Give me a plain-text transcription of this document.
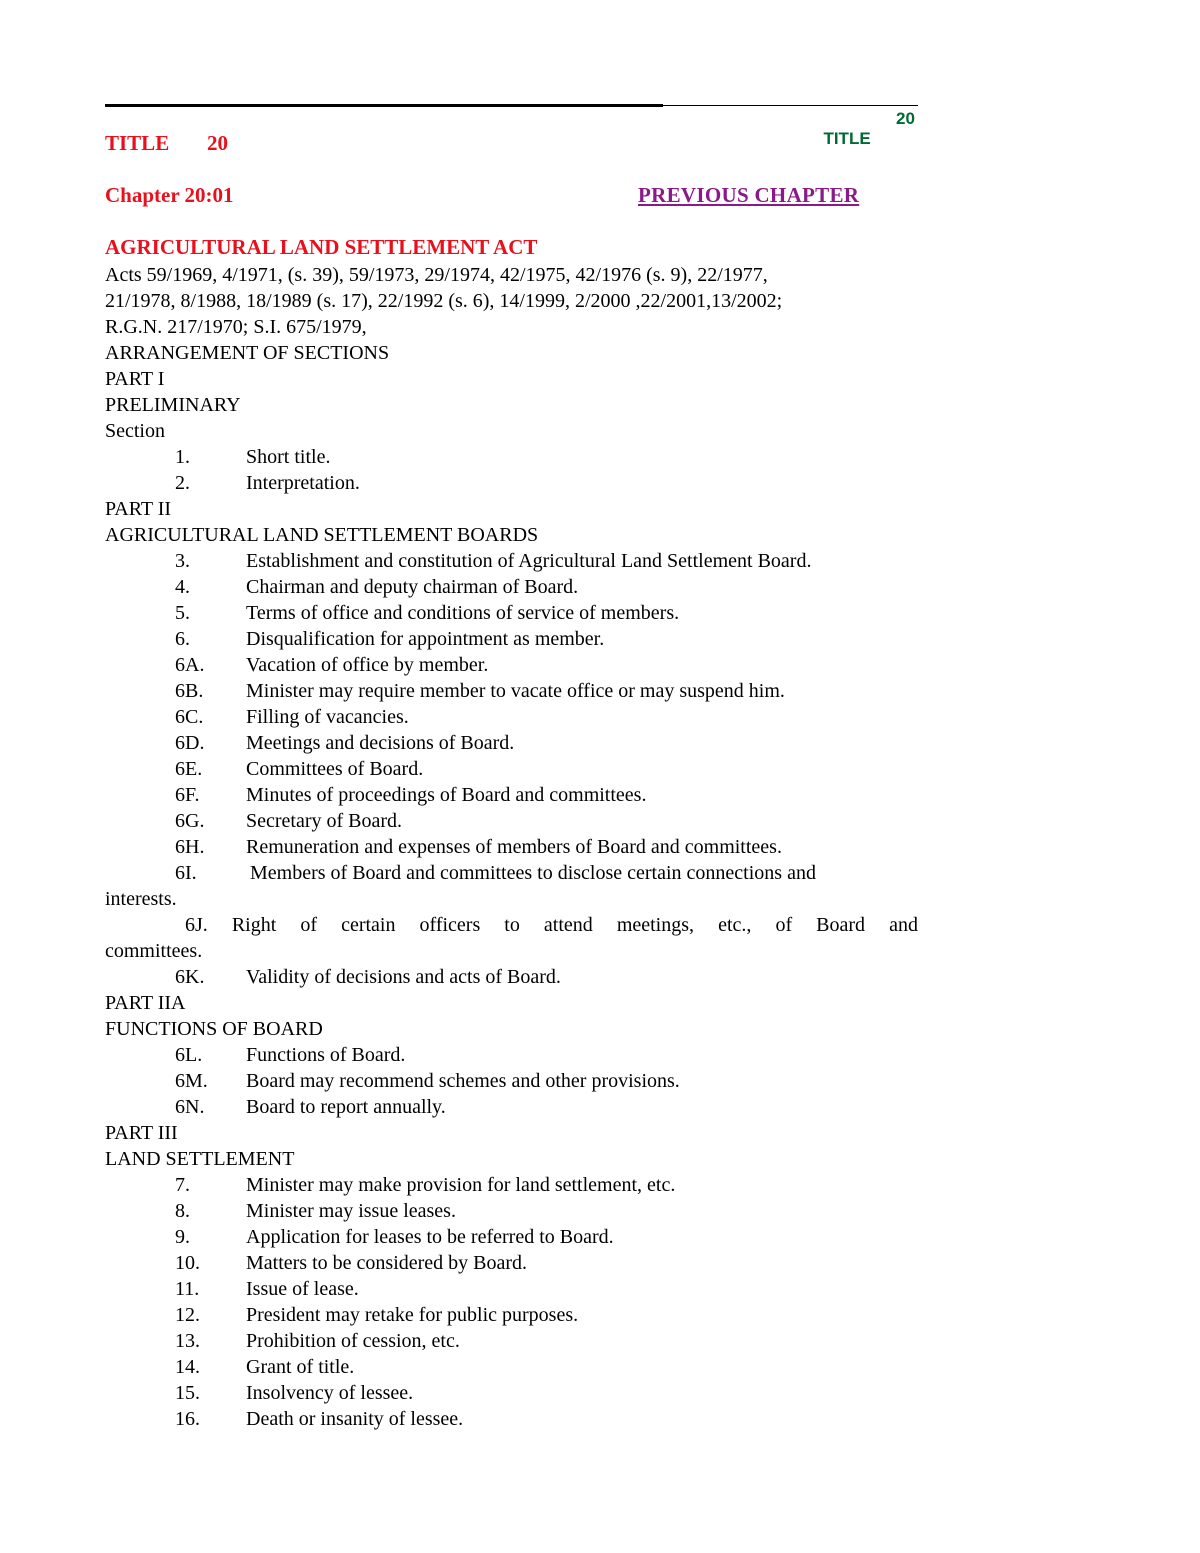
TITLE

20

TITLE 20
Chapter 20:01	PREVIOUS CHAPTER
AGRICULTURAL LAND SETTLEMENT ACT
Acts 59/1969, 4/1971, (s. 39), 59/1973, 29/1974, 42/1975, 42/1976 (s. 9), 22/1977,
21/1978, 8/1988, 18/1989 (s. 17), 22/1992 (s. 6), 14/1999, 2/2000 ,22/2001,13/2002;
R.G.N. 217/1970; S.I. 675/1979,
ARRANGEMENT OF SECTIONS
PART I
PRELIMINARY
Section
1.	Short title.
2.	Interpretation.
PART II
AGRICULTURAL LAND SETTLEMENT BOARDS
3.	Establishment and constitution of Agricultural Land Settlement Board.
4.	Chairman and deputy chairman of Board.
5.	Terms of office and conditions of service of members.
6.	Disqualification for appointment as member.
6A. Vacation of office by member.
6B. Minister may require member to vacate office or may suspend him.
6C. Filling of vacancies.
6D. Meetings and decisions of Board.
6E. Committees of Board.
6F. Minutes of proceedings of Board and committees.
6G. Secretary of Board.
6H. Remuneration and expenses of members of Board and committees.
6I.	Members of Board and committees to disclose certain connections and
interests.
6J. Right of certain officers to attend meetings, etc., of Board and
committees.
6K. Validity of decisions and acts of Board.
PART IIA
FUNCTIONS OF BOARD
6L. Functions of Board.
6M. Board may recommend schemes and other provisions.
6N. Board to report annually.
PART III
LAND SETTLEMENT
7.	Minister may make provision for land settlement, etc.
8.	Minister may issue leases.
9.	Application for leases to be referred to Board.
10. Matters to be considered by Board.
11. Issue of lease.
12. President may retake for public purposes.
13. Prohibition of cession, etc.
14. Grant of title.
15. Insolvency of lessee.
16. Death or insanity of lessee.
